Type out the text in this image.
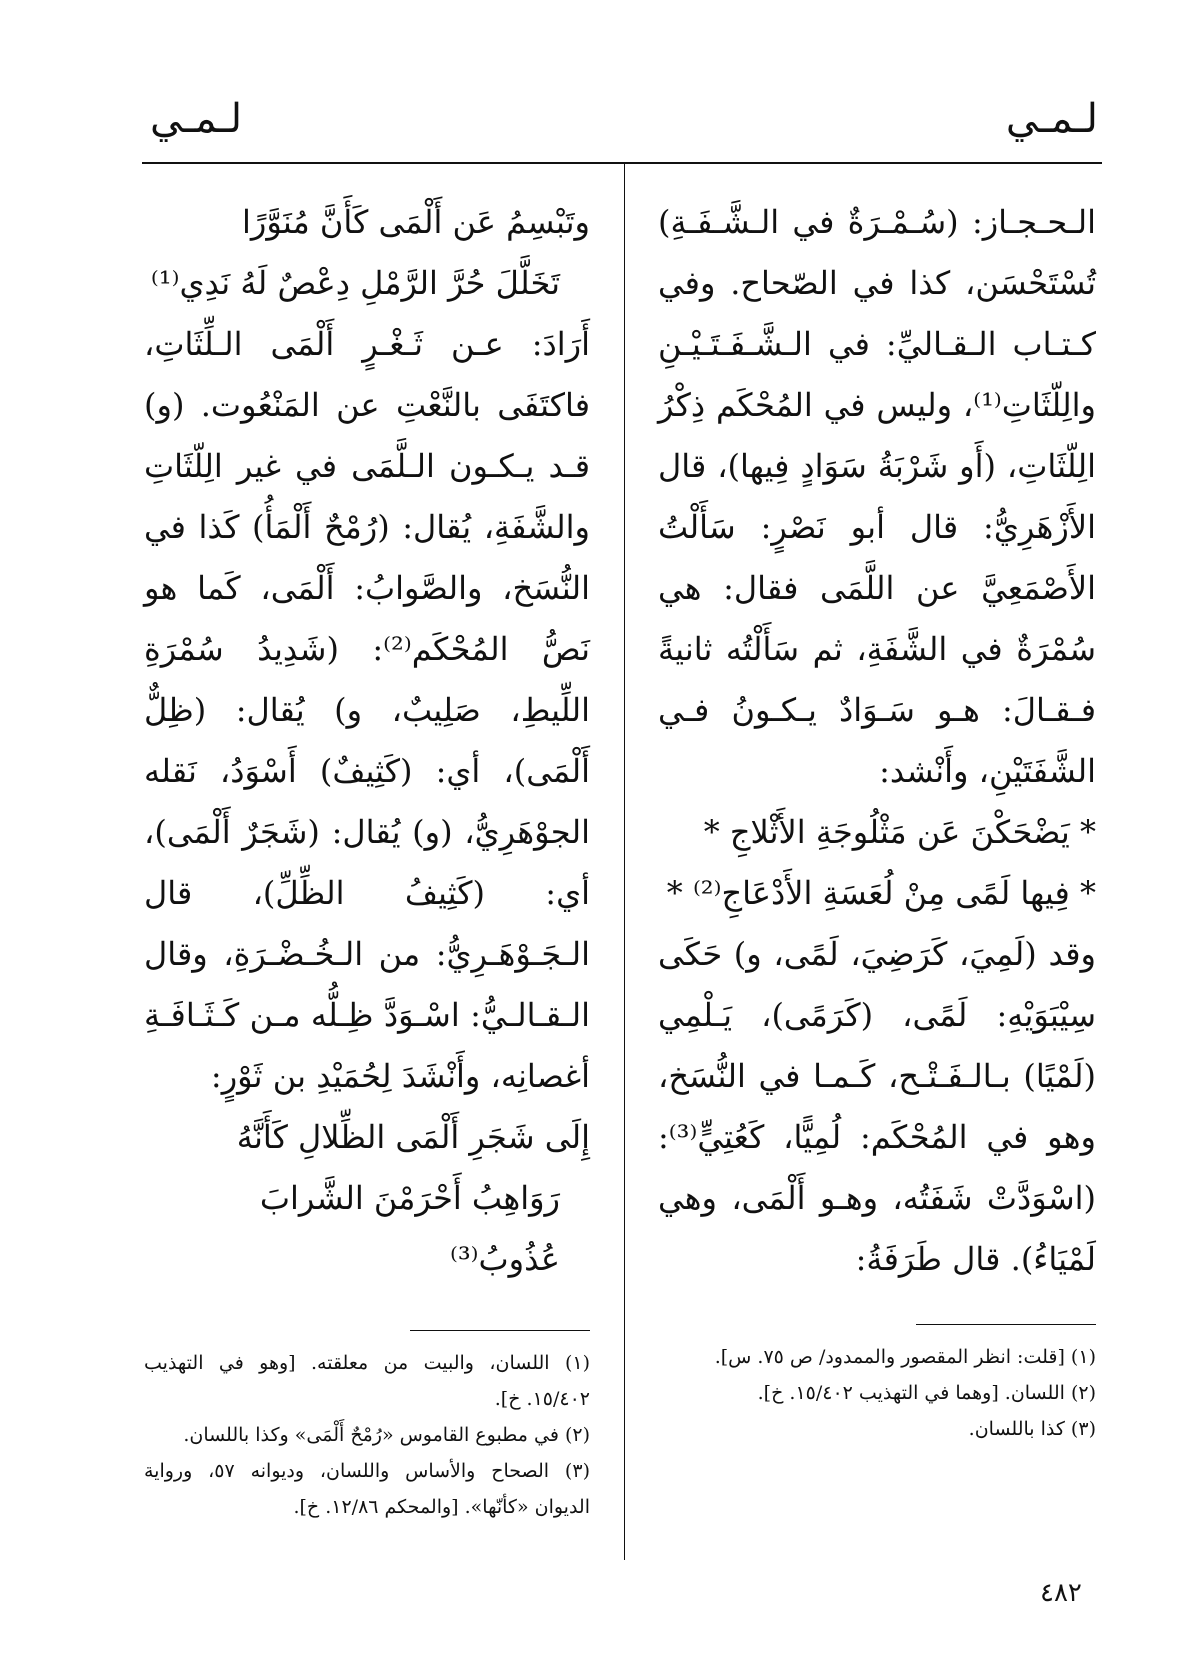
لـمـي
لـمـي

الـحـجـاز: (سُـمْـرَةٌ في الـشَّـفَـةِ) تُسْتَحْسَن، كذا في الصّحاح. وفي كـتـاب الـقـاليِّ: في الـشَّـفَـتَـيْـنِ والِلّثَاتِ⁽¹⁾، وليس في المُحْكَم ذِكْرُ الِلّثَاتِ، (أَو شَرْبَةُ سَوَادٍ فِيها)، قال الأَزْهَرِيُّ: قال أبو نَصْرٍ: سَأَلْتُ الأَصْمَعِيَّ عن اللَّمَى فقال: هي سُمْرَةٌ في الشَّفَةِ، ثم سَأَلْتُه ثانيةً فـقـالَ: هـو سَـوَادٌ يـكـونُ فـي الشَّفَتَيْنِ، وأَنْشد:

* يَضْحَكْنَ عَن مَثْلُوجَةِ الأَثْلاجِ *

* فِيها لَمًى مِنْ لُعَسَةِ الأَدْعَاجِ⁽²⁾ *

وقد (لَمِيَ، كَرَضِيَ، لَمًى، و) حَكَى سِيْبَوَيْهِ: لَمًى، (كَرَمًى)، يَـلْمِي (لَمْيًا) بـالـفَـتْـح، كَـمـا في النُّسَخ، وهو في المُحْكَم: لُمِيًّا، كَعُتِيٍّ⁽³⁾: (اسْوَدَّتْ شَفَتُه، وهـو أَلْمَى، وهي لَمْيَاءُ). قال طَرَفَةُ:

(١) [قلت: انظر المقصور والممدود/ ص ٧٥. س].

(٢) اللسان. [وهما في التهذيب ١٥/٤٠٢. خ].

(٣) كذا باللسان.

وتَبْسِمُ عَن أَلْمَى كَأَنَّ مُنَوَّرًا

تَخَلَّلَ حُرَّ الرَّمْلِ دِعْصٌ لَهُ نَدِي⁽¹⁾

أَرَادَ: عـن ثَـغْـرٍ أَلْمَى الـلِّثَاتِ، فاكتَفَى بالنَّعْتِ عن المَنْعُوت. (و) قـد يـكـون الـلَّمَى في غير الِلّثَاتِ والشَّفَةِ، يُقال: (رُمْحٌ أَلْمَأُ) كَذا في النُّسَخ، والصَّوابُ: أَلْمَى، كَما هو نَصُّ المُحْكَم⁽²⁾: (شَدِيدُ سُمْرَةِ اللِّيطِ، صَلِيبٌ، و) يُقال: (ظِلٌّ أَلْمَى)، أي: (كَثِيفٌ) أَسْوَدُ، نَقله الجوْهَرِيُّ، (و) يُقال: (شَجَرٌ أَلْمَى)، أي: (كَثِيفُ الظِّلِّ)، قال الـجَـوْهَـرِيُّ: من الـخُـضْـرَةِ، وقال الـقـالـيُّ: اسْـوَدَّ ظِـلُّه مـن كَـثَـافَـةِ أغصانِه، وأَنْشَدَ لِحُمَيْدِ بن ثَوْرٍ:

إِلَى شَجَرِ أَلْمَى الظِّلالِ كَأَنَّهُ

رَوَاهِبُ أَحْرَمْنَ الشَّرابَ عُذُوبُ⁽³⁾

(١) اللسان، والبيت من معلقته. [وهو في التهذيب ١٥/٤٠٢. خ].

(٢) في مطبوع القاموس «رُمْحٌ أَلْمَى» وكذا باللسان.

(٣) الصحاح والأساس واللسان، وديوانه ٥٧، ورواية الديوان «كأنّها». [والمحكم ١٢/٨٦. خ].

٤٨٢
